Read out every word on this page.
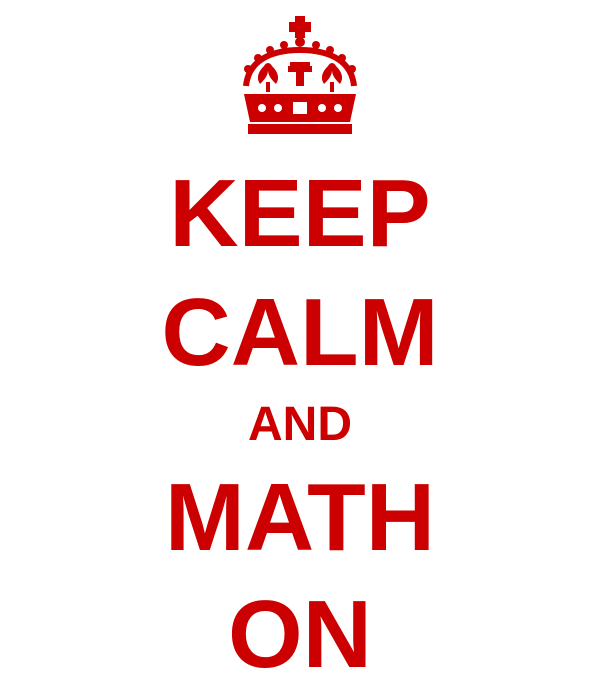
KEEP
CALM
AND
MATH
ON
